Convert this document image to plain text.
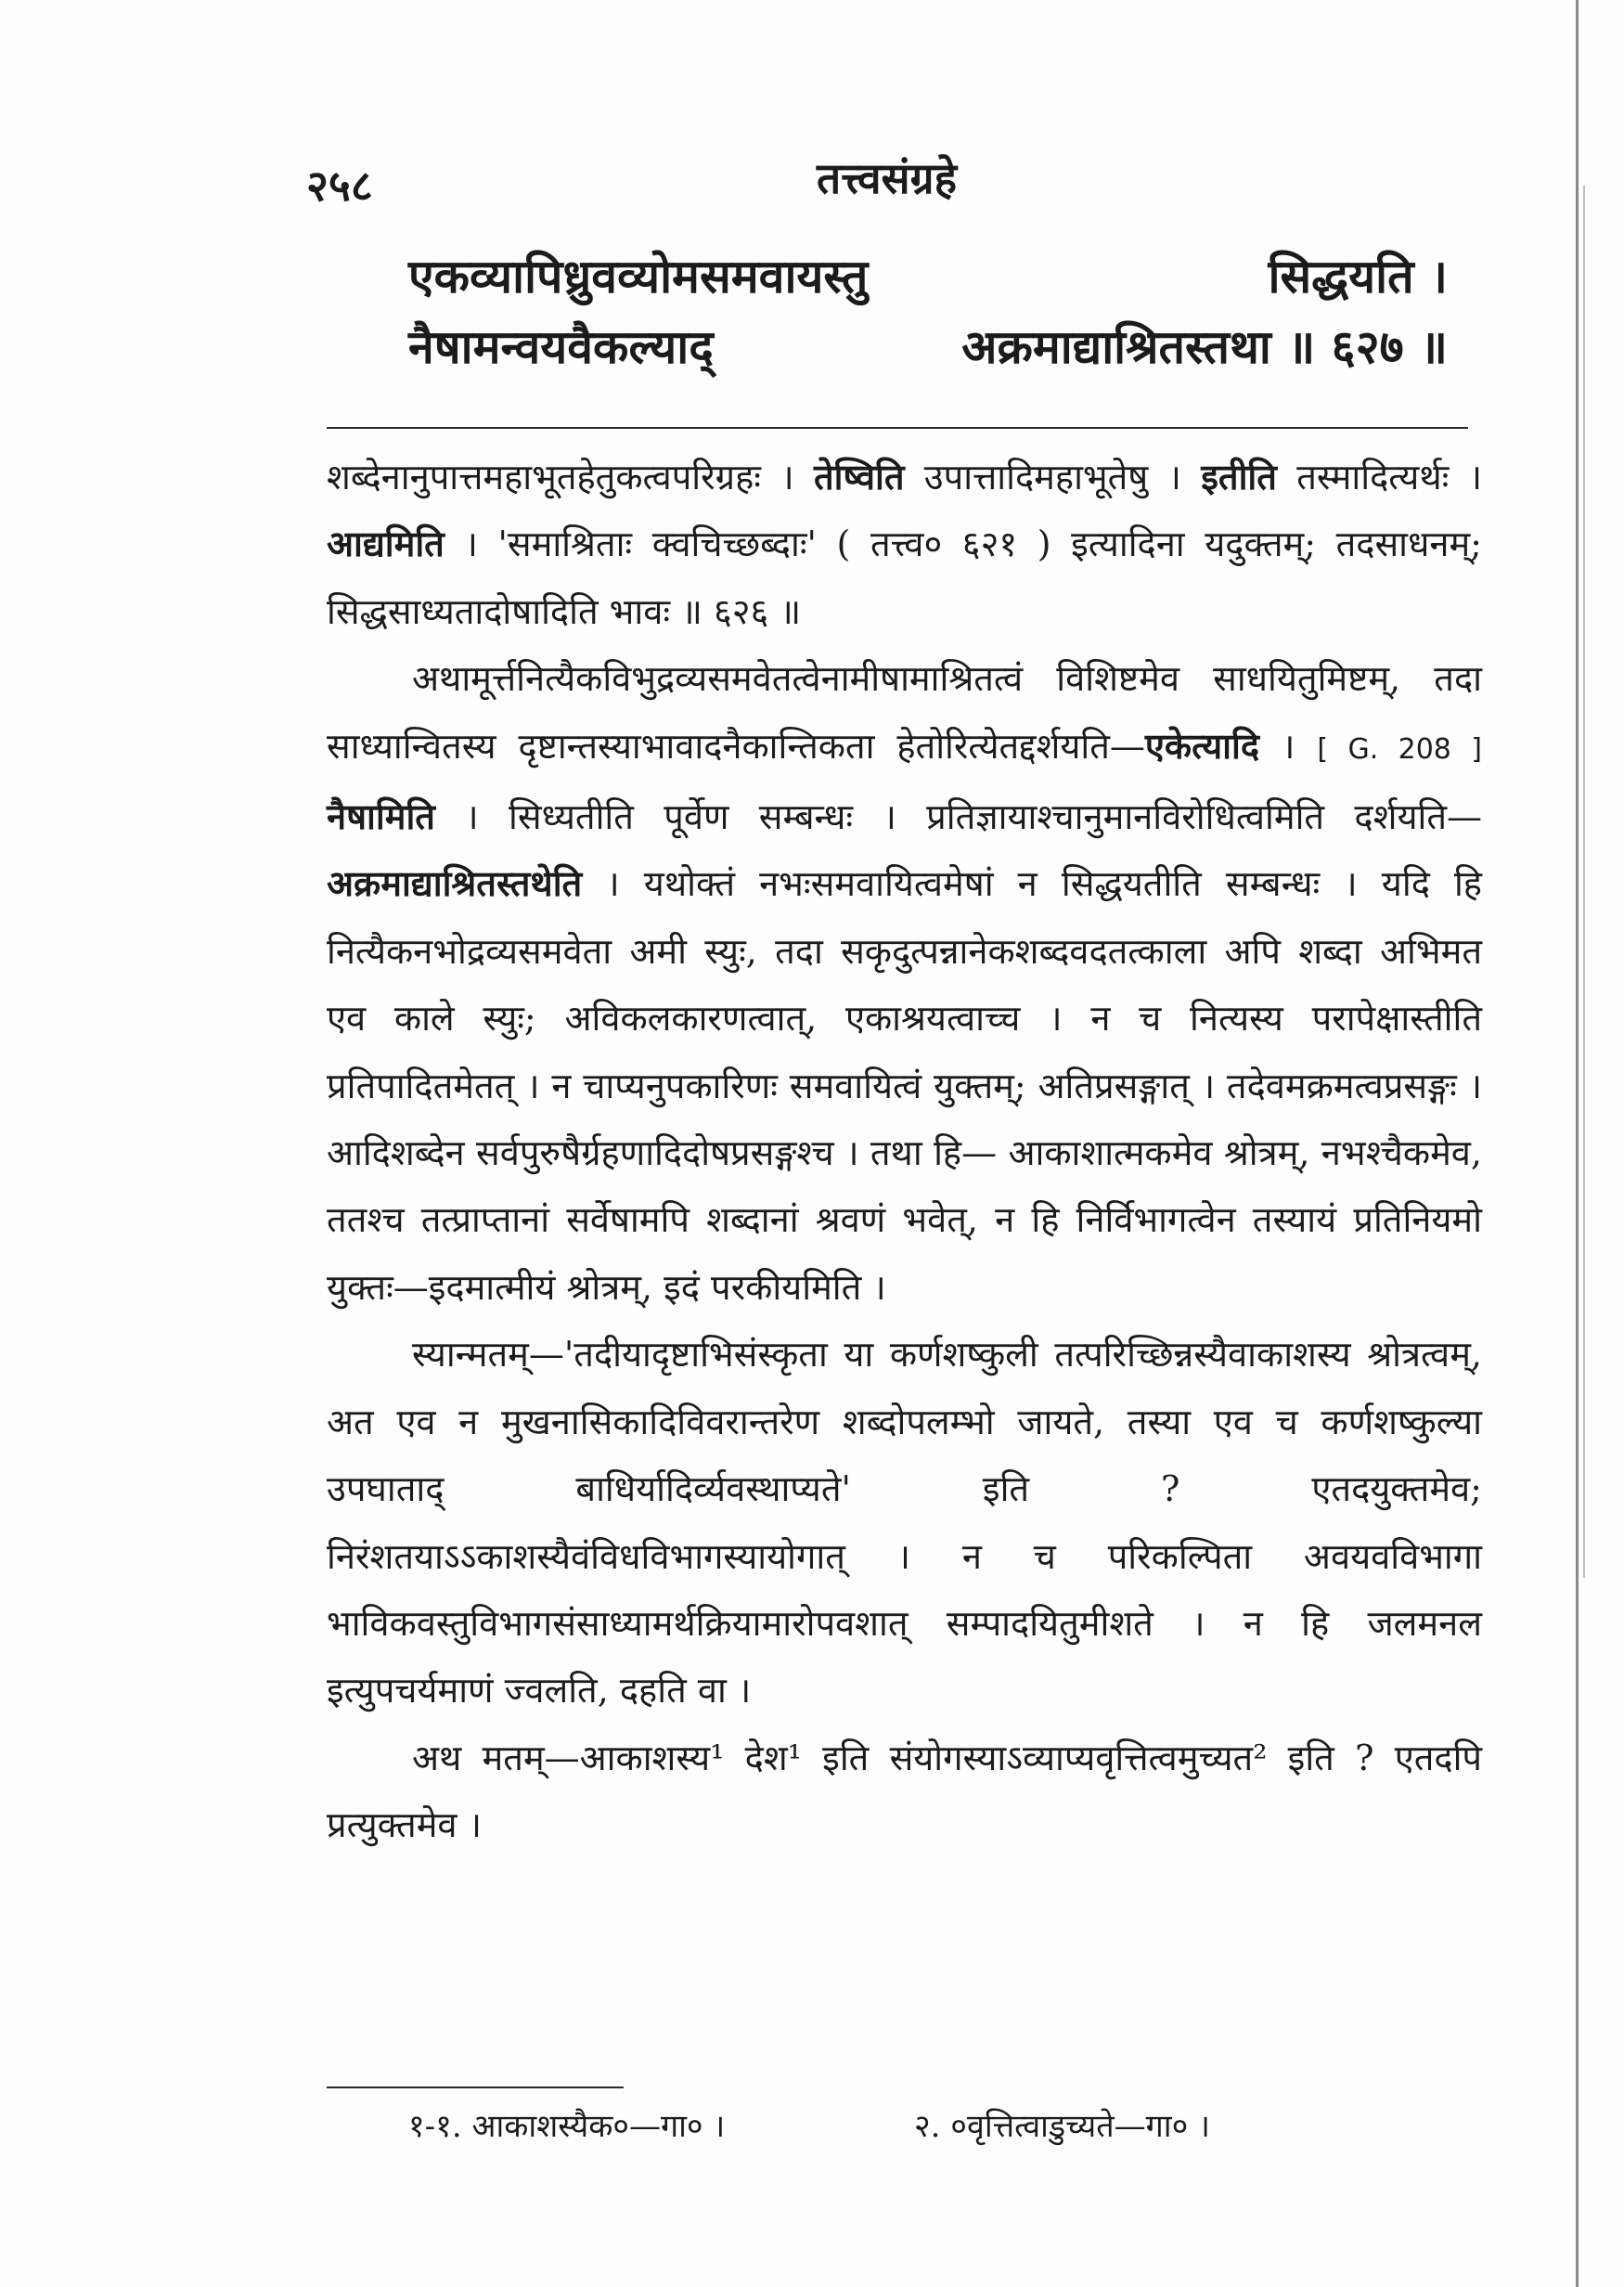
२५८	तत्त्वसंग्रहे
एकव्यापिध्रुवव्योमसमवायस्तु	सिद्धयति ।
नैषामन्वयवैकल्याद्	अक्रमाद्याश्रितस्तथा ॥ ६२७ ॥

शब्देनानुपात्तमहाभूतहेतुकत्वपरिग्रहः । तेष्विति उपात्तादिमहाभूतेषु । इतीति तस्मादित्यर्थः । आद्यमिति । 'समाश्रिताः क्वचिच्छब्दाः' ( तत्त्व० ६२१ ) इत्यादिना यदुक्तम्; तदसाधनम्; सिद्धसाध्यतादोषादिति भावः ॥ ६२६ ॥

अथामूर्त्तनित्यैकविभुद्रव्यसमवेतत्वेनामीषामाश्रितत्वं विशिष्टमेव साधयितुमिष्टम्, तदा साध्यान्वितस्य दृष्टान्तस्याभावादनैकान्तिकता हेतोरित्येतद्दर्शयति—एकेत्यादि । [ G. 208 ] नैषामिति । सिध्यतीति पूर्वेण सम्बन्धः । प्रतिज्ञायाश्चानुमानविरोधित्वमिति दर्शयति—अक्रमाद्याश्रितस्तथेति । यथोक्तं नभःसमवायित्वमेषां न सिद्धयतीति सम्बन्धः । यदि हि नित्यैकनभोद्रव्यसमवेता अमी स्युः, तदा सकृदुत्पन्नानेकशब्दवदतत्काला अपि शब्दा अभिमत एव काले स्युः; अविकलकारणत्वात्, एकाश्रयत्वाच्च । न च नित्यस्य परापेक्षास्तीति प्रतिपादितमेतत् । न चाप्यनुपकारिणः समवायित्वं युक्तम्; अतिप्रसङ्गात् । तदेवमक्रमत्वप्रसङ्गः । आदिशब्देन सर्वपुरुषैर्ग्रहणादिदोषप्रसङ्गश्च । तथा हि— आकाशात्मकमेव श्रोत्रम्, नभश्चैकमेव, ततश्च तत्प्राप्तानां सर्वेषामपि शब्दानां श्रवणं भवेत्, न हि निर्विभागत्वेन तस्यायं प्रतिनियमो युक्तः—इदमात्मीयं श्रोत्रम्, इदं परकीयमिति ।

स्यान्मतम्—'तदीयादृष्टाभिसंस्कृता या कर्णशष्कुली तत्परिच्छिन्नस्यैवाकाशस्य श्रोत्रत्वम्, अत एव न मुखनासिकादिविवरान्तरेण शब्दोपलम्भो जायते, तस्या एव च कर्णशष्कुल्या उपघाताद् बाधिर्यादिर्व्यवस्थाप्यते' इति ? एतदयुक्तमेव; निरंशतयाऽऽकाशस्यैवंविधविभागस्यायोगात् । न च परिकल्पिता अवयवविभागा भाविकवस्तुविभागसंसाध्यामर्थक्रियामारोपवशात् सम्पादयितुमीशते । न हि जलमनल इत्युपचर्यमाणं ज्वलति, दहति वा ।

अथ मतम्—आकाशस्य¹ देश¹ इति संयोगस्याऽव्याप्यवृत्तित्वमुच्यत² इति ? एतदपि प्रत्युक्तमेव ।

१-१. आकाशस्यैक०—गा० ।	२. ०वृत्तित्वाडुच्यते—गा० ।
